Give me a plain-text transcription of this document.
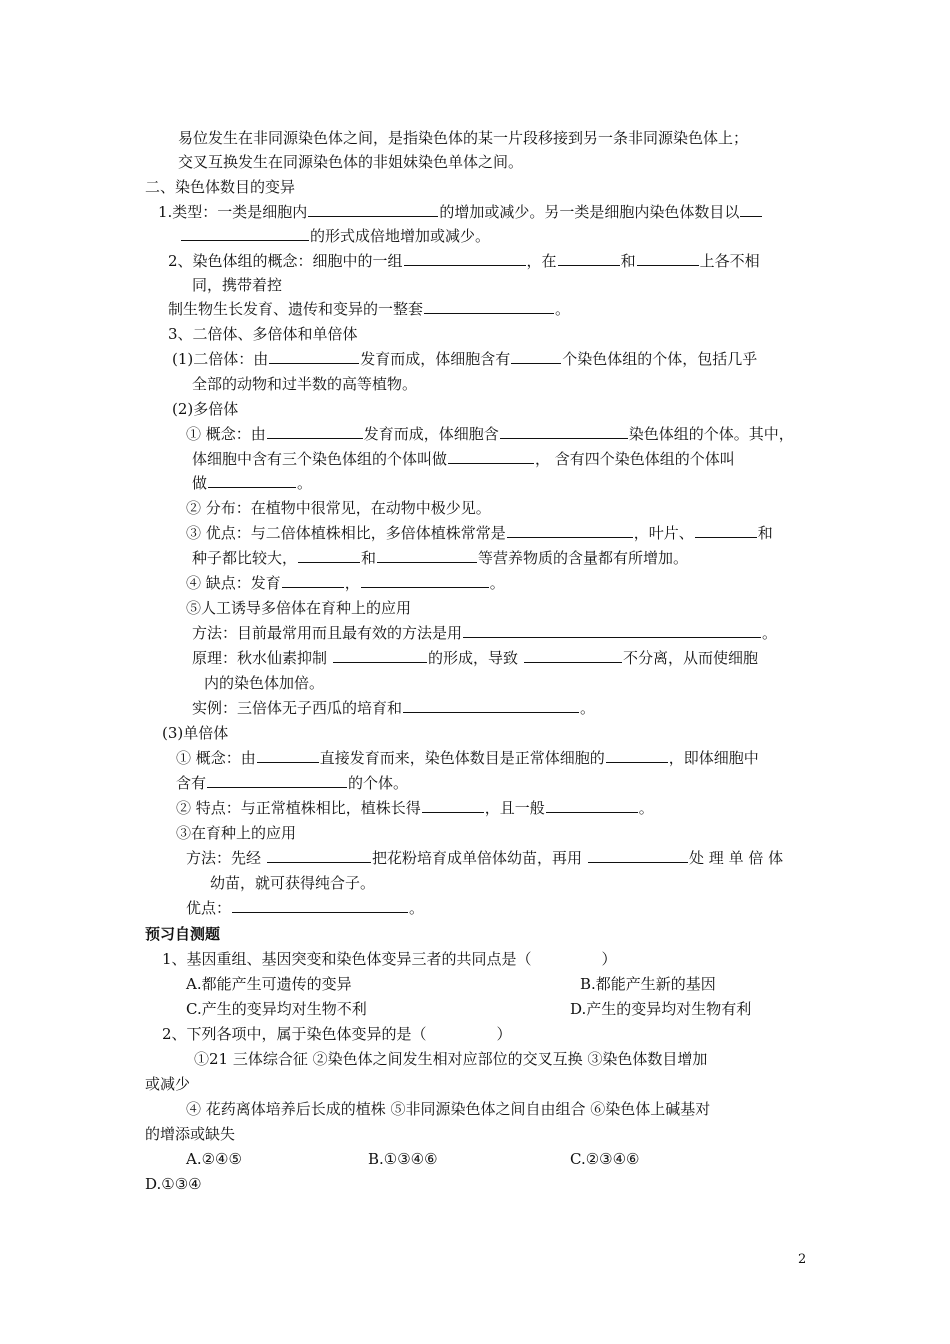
易位发生在非同源染色体之间，是指染色体的某一片段移接到另一条非同源染色体上；
交叉互换发生在同源染色体的非姐妹染色单体之间。
二、染色体数目的变异
1.类型：一类是细胞内	的增加或减少。另一类是细胞内染色体数目以
的形式成倍地增加或减少。
2、染色体组的概念：细胞中的一组	，在	和	上各不相
同，携带着控
制生物生长发育、遗传和变异的一整套	。
3、二倍体、多倍体和单倍体
(1)二倍体：由	发育而成，体细胞含有	个染色体组的个体，包括几乎
全部的动物和过半数的高等植物。
(2)多倍体
① 概念：由	发育而成，体细胞含	染色体组的个体。其中，
体细胞中含有三个染色体组的个体叫做	， 含有四个染色体组的个体叫
做	。
② 分布：在植物中很常见，在动物中极少见。
③ 优点：与二倍体植株相比，多倍体植株常常是	，叶片、	和
种子都比较大，	和	等营养物质的含量都有所增加。
④ 缺点：发育	，	。
⑤人工诱导多倍体在育种上的应用
方法：目前最常用而且最有效的方法是用	。
原理：秋水仙素抑制	的形成，导致	不分离，从而使细胞
内的染色体加倍。
实例：三倍体无子西瓜的培育和	。
(3)单倍体
① 概念：由	直接发育而来，染色体数目是正常体细胞的	，即体细胞中
含有	的个体。
② 特点：与正常植株相比，植株长得	，且一般	。
③在育种上的应用
方法：先经	把花粉培育成单倍体幼苗，再用	处 理 单 倍 体
幼苗，就可获得纯合子。
优点：	。
预习自测题
1、基因重组、基因突变和染色体变异三者的共同点是（	）
A.都能产生可遗传的变异	B.都能产生新的基因
C.产生的变异均对生物不利	D.产生的变异均对生物有利
2、下列各项中，属于染色体变异的是（	）
①21 三体综合征 ②染色体之间发生相对应部位的交叉互换 ③染色体数目增加
或减少
④ 花药离体培养后长成的植株 ⑤非同源染色体之间自由组合 ⑥染色体上碱基对
的增添或缺失
A.②④⑤	B.①③④⑥	C.②③④⑥
D.①③④
2
